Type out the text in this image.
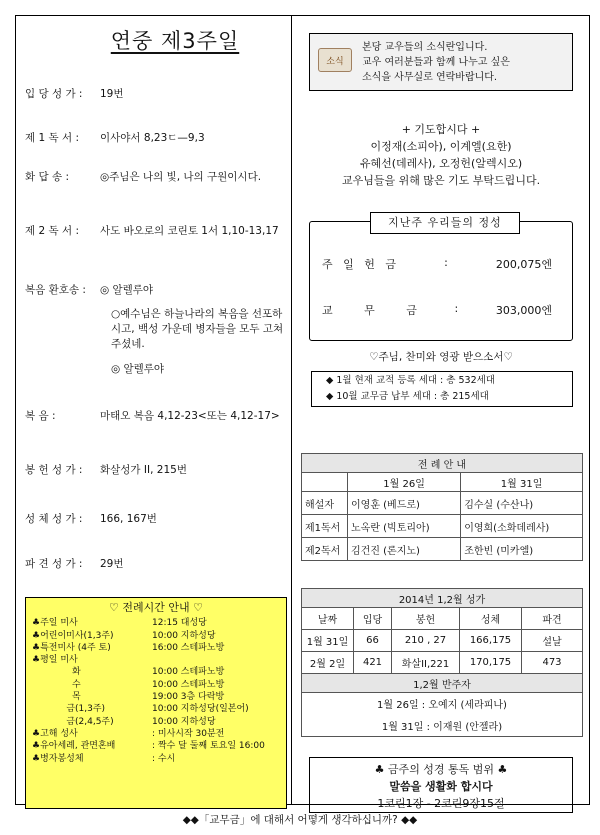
연중 제3주일
입 당 성 가 :	19번
제 1 독 서 :	이사야서 8,23ㄷ—9,3
화 답 송 :	◎주님은 나의 빛, 나의 구원이시다.
제 2 독 서 :	사도 바오로의 코린토 1서 1,10-13,17
복음 환호송 :	◎ 알렐루야
○예수님은 하늘나라의 복음을 선포하시고, 백성 가운데 병자들을 모두 고쳐 주셨네.
◎ 알렐루야
복 음 :	마태오 복음 4,12-23<또는 4,12-17>
봉 헌 성 가 :	화살성가 II, 215번
성 체 성 가 :	166, 167번
파 견 성 가 :	29번
♡ 전례시간 안내 ♡
♣주일 미사	12:15 대성당
♣어린이미사(1,3주)	10:00 지하성당
♣특전미사 (4주 토)	16:00 스테파노방
♣평일 미사
화	10:00 스테파노방
수	10:00 스테파노방
목	19:00 3층 다락방
금(1,3주)	10:00 지하성당(일본어)
금(2,4,5주)	10:00 지하성당
♣고해 성사	: 미사시작 30분전
♣유아세례, 관면혼배	: 짝수 달 둘째 토요일 16:00
♣병자봉성체	: 수시
소식
본당 교우들의 소식란입니다.
교우 여러분들과 함께 나누고 싶은
소식을 사무실로 연락바랍니다.
+ 기도합시다 +
이정재(소피아), 이계엘(요한)
유혜선(데레사), 오정헌(알렉시오)
교우님들을 위해 많은 기도 부탁드립니다.
지난주 우리들의 정성
주   일   헌   금	:	200,075엔
교         무         금	:	303,000엔
♡주님, 찬미와 영광 받으소서♡
◆ 1월 현재 교적 등록 세대 : 총 532세대
◆ 10월 교무금 납부 세대 : 총 215세대
전 례 안 내		
	1월 26일	1월 31일
해설자	이영훈 (베드로)	김수실 (수산나)
제1독서	노옥란 (빅토리아)	이영희(소화데레사)
제2독서	김건진 (론지노)	조한빈 (미카엘)
2014년 1,2월 성가				
날짜	입당	봉헌	성체	파견
1월 31일	66	210 , 27	166,175	설날
2월 2일	421	화살II,221	170,175	473
1,2월 반주자				
1월 26일 : 오예지 (세라피나)				
1월 31일 : 이재원 (안젤라)				
♣ 금주의 성경 통독 범위 ♣
말씀을 생활화 합시다
1코린1장 - 2코린9장15절
◆◆「교무금」에 대해서 어떻게 생각하십니까? ◆◆
